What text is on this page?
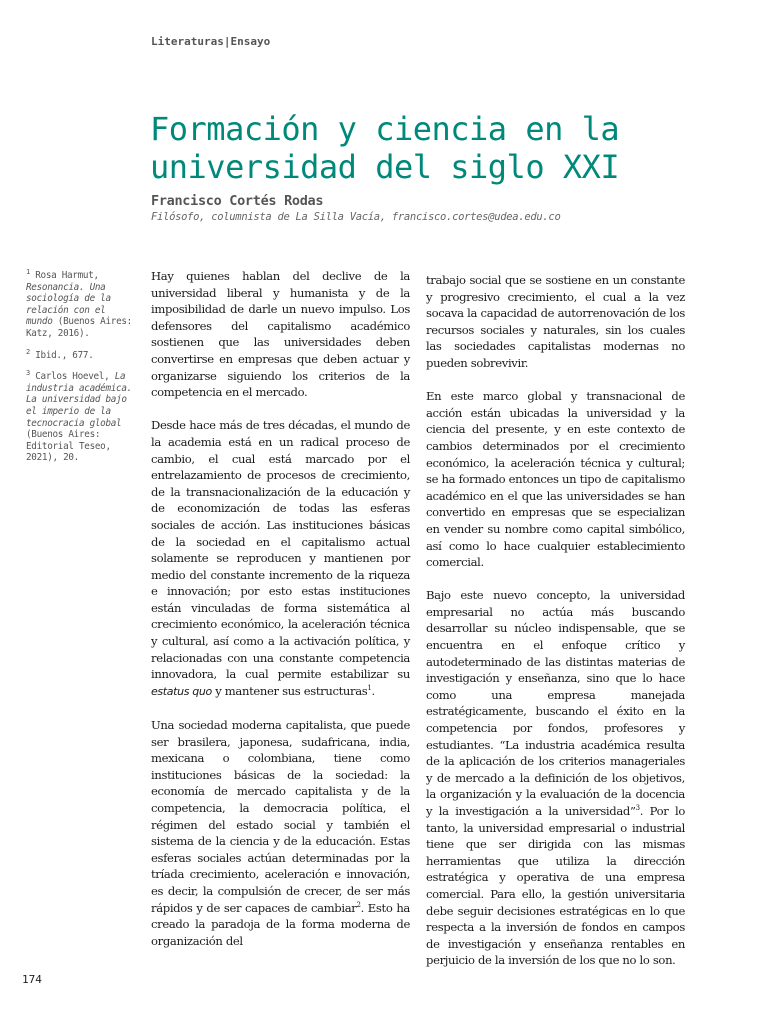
Literaturas|Ensayo
Formación y ciencia en la universidad del siglo XXI
Francisco Cortés Rodas
Filósofo, columnista de La Silla Vacía, francisco.cortes@udea.edu.co

$^1$ Rosa Harmut, Resonancia. Una sociología de la relación con el mundo (Buenos Aires: Katz, 2016).

$^2$ Ibid., 677.

$^3$ Carlos Hoevel, La industria académica. La universidad bajo el imperio de la tecnocracia global (Buenos Aires: Editorial Teseo, 2021), 20.

Hay quienes hablan del declive de la universidad liberal y humanista y de la imposibilidad de darle un nuevo impulso. Los defensores del capitalismo académico sostienen que las universidades deben convertirse en empresas que deben actuar y organizarse siguiendo los criterios de la competencia en el mercado.

Desde hace más de tres décadas, el mundo de la academia está en un radical proceso de cambio, el cual está marcado por el entrelazamiento de procesos de crecimiento, de la transnacionalización de la educación y de economización de todas las esferas sociales de acción. Las instituciones básicas de la sociedad en el capitalismo actual solamente se reproducen y mantienen por medio del constante incremento de la riqueza e innovación; por esto estas instituciones están vinculadas de forma sistemática al crecimiento económico, la aceleración técnica y cultural, así como a la activación política, y relacionadas con una constante competencia innovadora, la cual permite estabilizar su estatus quo y mantener sus estructuras$^1$.

Una sociedad moderna capitalista, que puede ser brasilera, japonesa, sudafricana, india, mexicana o colombiana, tiene como instituciones básicas de la sociedad: la economía de mercado capitalista y de la competencia, la democracia política, el régimen del estado social y también el sistema de la ciencia y de la educación. Estas esferas sociales actúan determinadas por la tríada crecimiento, aceleración e innovación, es decir, la compulsión de crecer, de ser más rápidos y de ser capaces de cambiar$^2$. Esto ha creado la paradoja de la forma moderna de organización del

trabajo social que se sostiene en un constante y progresivo crecimiento, el cual a la vez socava la capacidad de autorrenovación de los recursos sociales y naturales, sin los cuales las sociedades capitalistas modernas no pueden sobrevivir.

En este marco global y transnacional de acción están ubicadas la universidad y la ciencia del presente, y en este contexto de cambios determinados por el crecimiento económico, la aceleración técnica y cultural; se ha formado entonces un tipo de capitalismo académico en el que las universidades se han convertido en empresas que se especializan en vender su nombre como capital simbólico, así como lo hace cualquier establecimiento comercial.

Bajo este nuevo concepto, la universidad empresarial no actúa más buscando desarrollar su núcleo indispensable, que se encuentra en el enfoque crítico y autodeterminado de las distintas materias de investigación y enseñanza, sino que lo hace como una empresa manejada estratégicamente, buscando el éxito en la competencia por fondos, profesores y estudiantes. “La industria académica resulta de la aplicación de los criterios manageriales y de mercado a la definición de los objetivos, la organización y la evaluación de la docencia y la investigación a la universidad”$^3$. Por lo tanto, la universidad empresarial o industrial tiene que ser dirigida con las mismas herramientas que utiliza la dirección estratégica y operativa de una empresa comercial. Para ello, la gestión universitaria debe seguir decisiones estratégicas en lo que respecta a la inversión de fondos en campos de investigación y enseñanza rentables en perjuicio de la inversión de los que no lo son.

174
